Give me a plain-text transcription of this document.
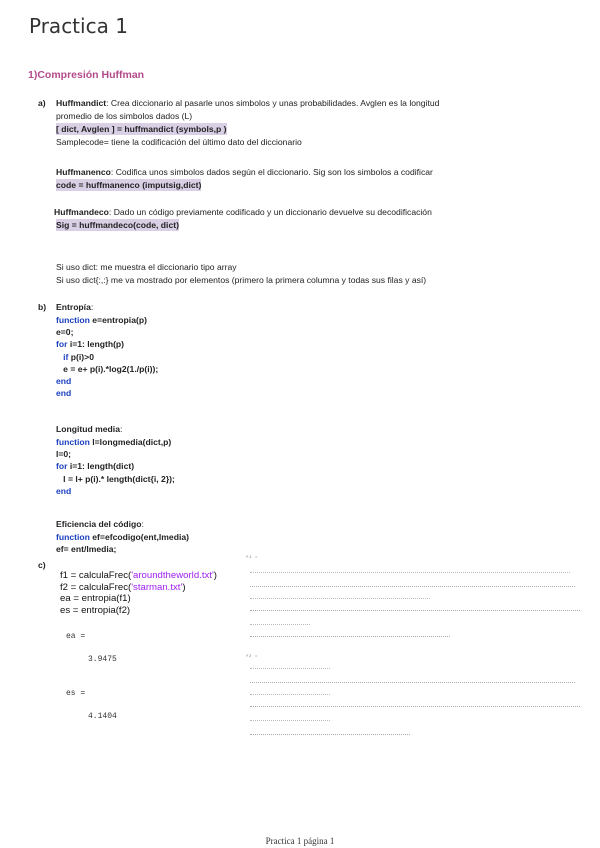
Practica 1
1)Compresión Huffman
a) Huffmandict: Crea diccionario al pasarle unos simbolos y unas probabilidades. Avglen es la longitud
promedio de los simbolos dados (L)
[ dict, Avglen ] = huffmandict (symbols,p )
Samplecode= tiene la codificación del último dato del diccionario
Huffmanenco: Codifica unos simbolos dados según el diccionario. Sig son los simbolos a codificar
code = huffmanenco (imputsig,dict)
Huffmandeco: Dado un código previamente codificado y un diccionario devuelve su decodificación
Sig = huffmandeco(code, dict)
Si uso dict: me muestra el diccionario tipo array
Si uso dict{:,:} me va mostrado por elementos (primero la primera columna y todas sus filas y así)
b) Entropía:
function e=entropia(p)
e=0;
for i=1: length(p)
if p(i)>0
e = e+ p(i).*log2(1./p(i));
end
end
Longitud media:
function l=longmedia(dict,p)
l=0;
for i=1: length(dict)
l = l+ p(i).* length(dict{i, 2});
end
Eficiencia del código:
function ef=efcodigo(ent,lmedia)
ef= ent/lmedia;
c)
f1 = calculaFrec('aroundtheworld.txt')
f2 = calculaFrec('starman.txt')
ea = entropia(f1)
es = entropia(f2)
ea =
3.9475
es =
4.1404
f1 =
f2 =
Practica 1 página 1
